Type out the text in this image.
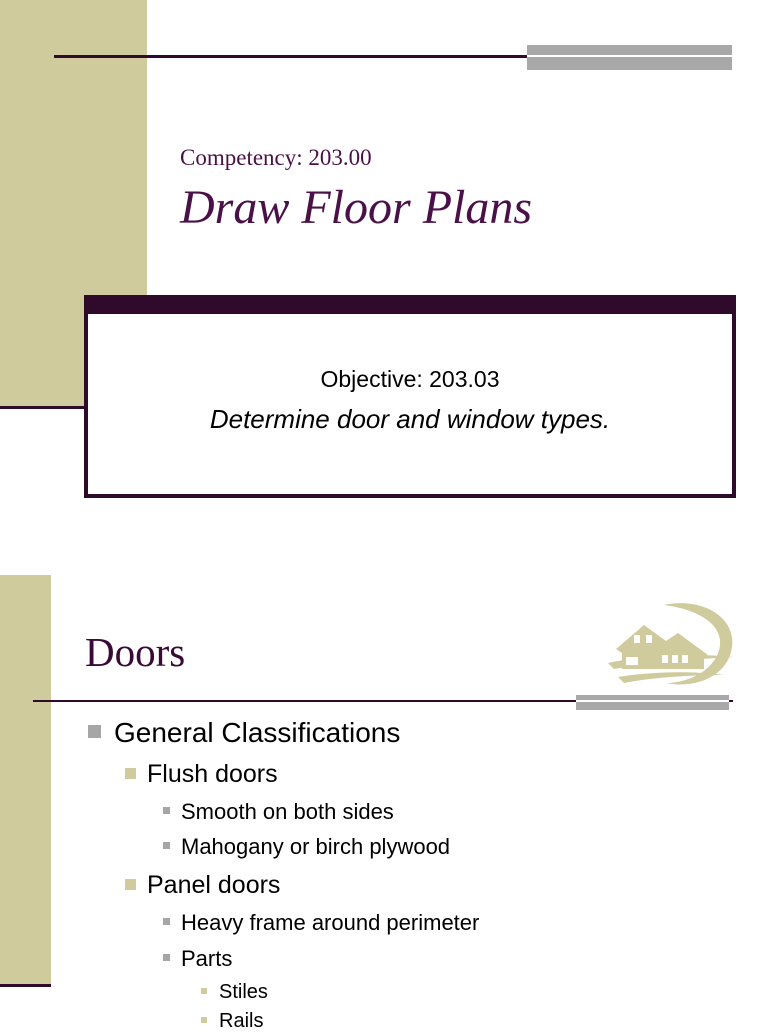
Competency: 203.00
Draw Floor Plans
Objective: 203.03
Determine door and window types.
Doors
General Classifications
Flush doors
Smooth on both sides
Mahogany or birch plywood
Panel doors
Heavy frame around perimeter
Parts
Stiles
Rails
